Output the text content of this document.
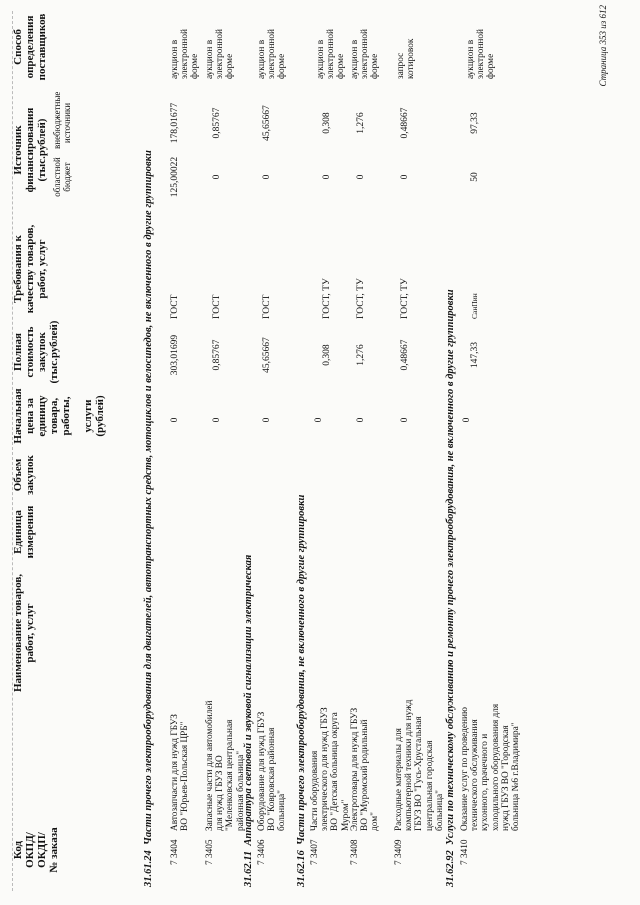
Код ОКПД/ ОКДП/ № заказа
Наименование товаров, работ, услуг
Единица измерения
Объем закупок
Начальная цена за единицу товара, работы, услуги (рублей)
Полная стоимость закупок (тыс.рублей)
Требования к качеству товаров, работ, услуг
Источник финансирования (тыс.рублей) областной бюджет
внебюджетные источники
Способ определения поставщиков
31.61.24  Части прочего электрооборудования для двигателей, автотранспортных средств, мотоциклов и велосипедов, не включенного в другие группировки
7 3404
Автозапчасти для нужд ГБУЗ ВО "Юрьев-Польская ЦРБ"
0
303,01699
ГОСТ
125,00022
178,01677
аукцион в электронной форме
7 3405
Запасные части для автомобилей для нужд ГБУЗ ВО "Меленковская центральная районная больница"
0
0,85767
ГОСТ
0
0,85767
аукцион в электронной форме
31.62.11  Аппаратура световой и звуковой сигнализации электрическая
7 3406
Оборудование для нужд ГБУЗ ВО "Ковровская районная больница"
0
45,65667
ГОСТ
0
45,65667
аукцион в электронной форме
31.62.16  Части прочего электрооборудования, не включенного в другие группировки
7 3407
Части оборудования электрического для нужд ГБУЗ ВО "Детская больница округа Муром"
0
0,308
ГОСТ, ТУ
0
0,308
аукцион в электронной форме
7 3408
Электротовары для нужд ГБУЗ ВО "Муромский родильный дом"
0
1,276
ГОСТ, ТУ
0
1,276
аукцион в электронной форме
7 3409
Расходные материалы для компьютерной техники для нужд ГБУЗ ВО "Гусь-Хрустальная центральная городская больница"
0
0,48667
ГОСТ, ТУ
0
0,48667
запрос котировок
31.62.92  Услуги по техническому обслуживанию и ремонту прочего электрооборудования, не включенного в другие группировки
7 3410
Оказание услуг по проведению технического обслуживания кухонного, прачечного и холодильного оборудования для нужд ГБУЗ ВО "Городская больница №6 г.Владимира"
0
147,33
СанПин
50
97,33
аукцион в электронной форме	Страница 353 из 612
